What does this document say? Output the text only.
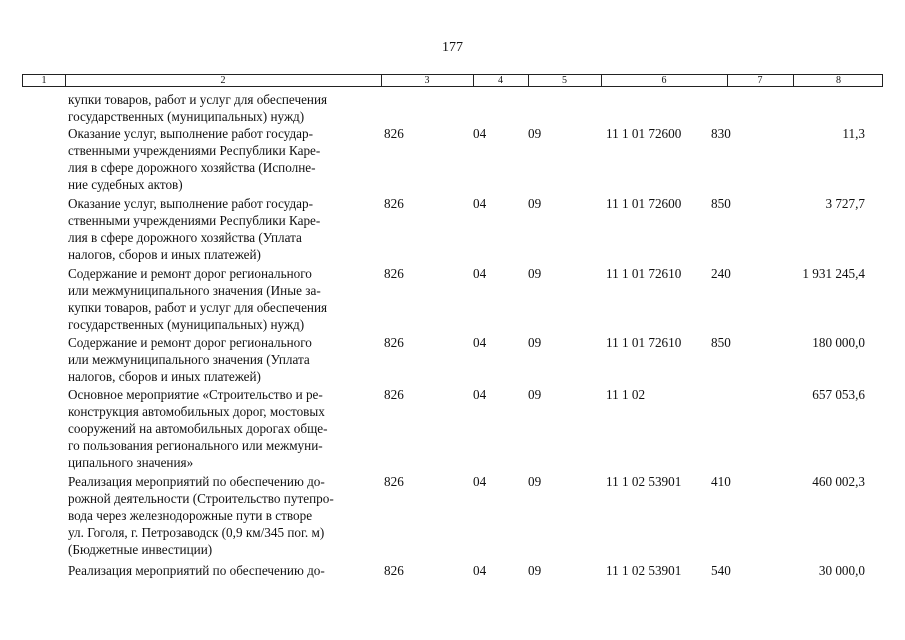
177
1	2	3	4	5	6	7	8
купки товаров, работ и услуг для обеспечения
государственных (муниципальных) нужд)
Оказание услуг, выполнение работ государ-
ственными учреждениями Республики Каре-
лия в сфере дорожного хозяйства (Исполне-
ние судебных актов)
826	04	09	11 1 01 72600 830	11,3
Оказание услуг, выполнение работ государ-
ственными учреждениями Республики Каре-
лия в сфере дорожного хозяйства (Уплата
налогов, сборов и иных платежей)
826	04	09	11 1 01 72600 850	3 727,7
Содержание и ремонт дорог регионального
или межмуниципального значения (Иные за-
купки товаров, работ и услуг для обеспечения
государственных (муниципальных) нужд)
826	04	09	11 1 01 72610 240	1 931 245,4
Содержание и ремонт дорог регионального
или межмуниципального значения (Уплата
налогов, сборов и иных платежей)
826	04	09	11 1 01 72610 850	180 000,0
Основное мероприятие «Строительство и ре-
конструкция автомобильных дорог, мостовых
сооружений на автомобильных дорогах обще-
го пользования регионального или межмуни-
ципального значения»
826	04	09	11 1 02	657 053,6
Реализация мероприятий по обеспечению до-
рожной деятельности (Строительство путепро-
вода через железнодорожные пути в створе
ул. Гоголя, г. Петрозаводск (0,9 км/345 пог. м)
(Бюджетные инвестиции)
826	04	09	11 1 02 53901 410	460 002,3
Реализация мероприятий по обеспечению до-	826	04	09	11 1 02 53901 540	30 000,0
